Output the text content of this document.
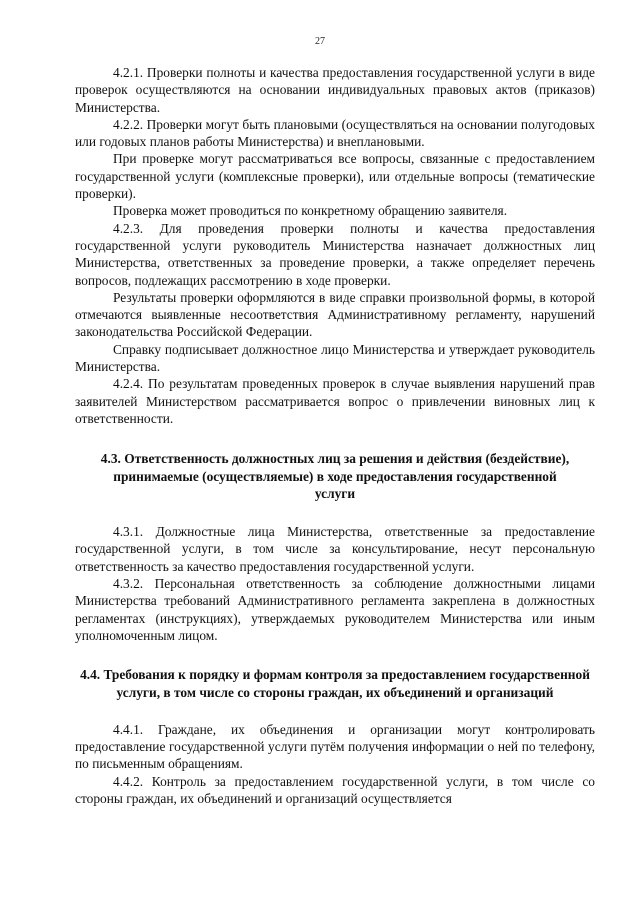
27

4.2.1. Проверки полноты и качества предоставления государственной услуги в виде проверок осуществляются на основании индивидуальных правовых актов (приказов) Министерства.

4.2.2. Проверки могут быть плановыми (осуществляться на основании полугодовых или годовых планов работы Министерства) и внеплановыми.

При проверке могут рассматриваться все вопросы, связанные с предоставлением государственной услуги (комплексные проверки), или отдельные вопросы (тематические проверки).

Проверка может проводиться по конкретному обращению заявителя.

4.2.3. Для проведения проверки полноты и качества предоставления государственной услуги руководитель Министерства назначает должностных лиц Министерства, ответственных за проведение проверки, а также определяет перечень вопросов, подлежащих рассмотрению в ходе проверки.

Результаты проверки оформляются в виде справки произвольной формы, в которой отмечаются выявленные несоответствия Административному регламенту, нарушений законодательства Российской Федерации.

Справку подписывает должностное лицо Министерства и утверждает руководитель Министерства.

4.2.4. По результатам проведенных проверок в случае выявления нарушений прав заявителей Министерством рассматривается вопрос о привлечении виновных лиц к ответственности.

4.3. Ответственность должностных лиц за решения и действия (бездействие), принимаемые (осуществляемые) в ходе предоставления государственной услуги

4.3.1. Должностные лица Министерства, ответственные за предоставление государственной услуги, в том числе за консультирование, несут персональную ответственность за качество предоставления государственной услуги.

4.3.2. Персональная ответственность за соблюдение должностными лицами Министерства требований Административного регламента закреплена в должностных регламентах (инструкциях), утверждаемых руководителем Министерства или иным уполномоченным лицом.

4.4. Требования к порядку и формам контроля за предоставлением государственной услуги, в том числе со стороны граждан, их объединений и организаций

4.4.1. Граждане, их объединения и организации могут контролировать предоставление государственной услуги путём получения информации о ней по телефону, по письменным обращениям.

4.4.2. Контроль за предоставлением государственной услуги, в том числе со стороны граждан, их объединений и организаций осуществляется
